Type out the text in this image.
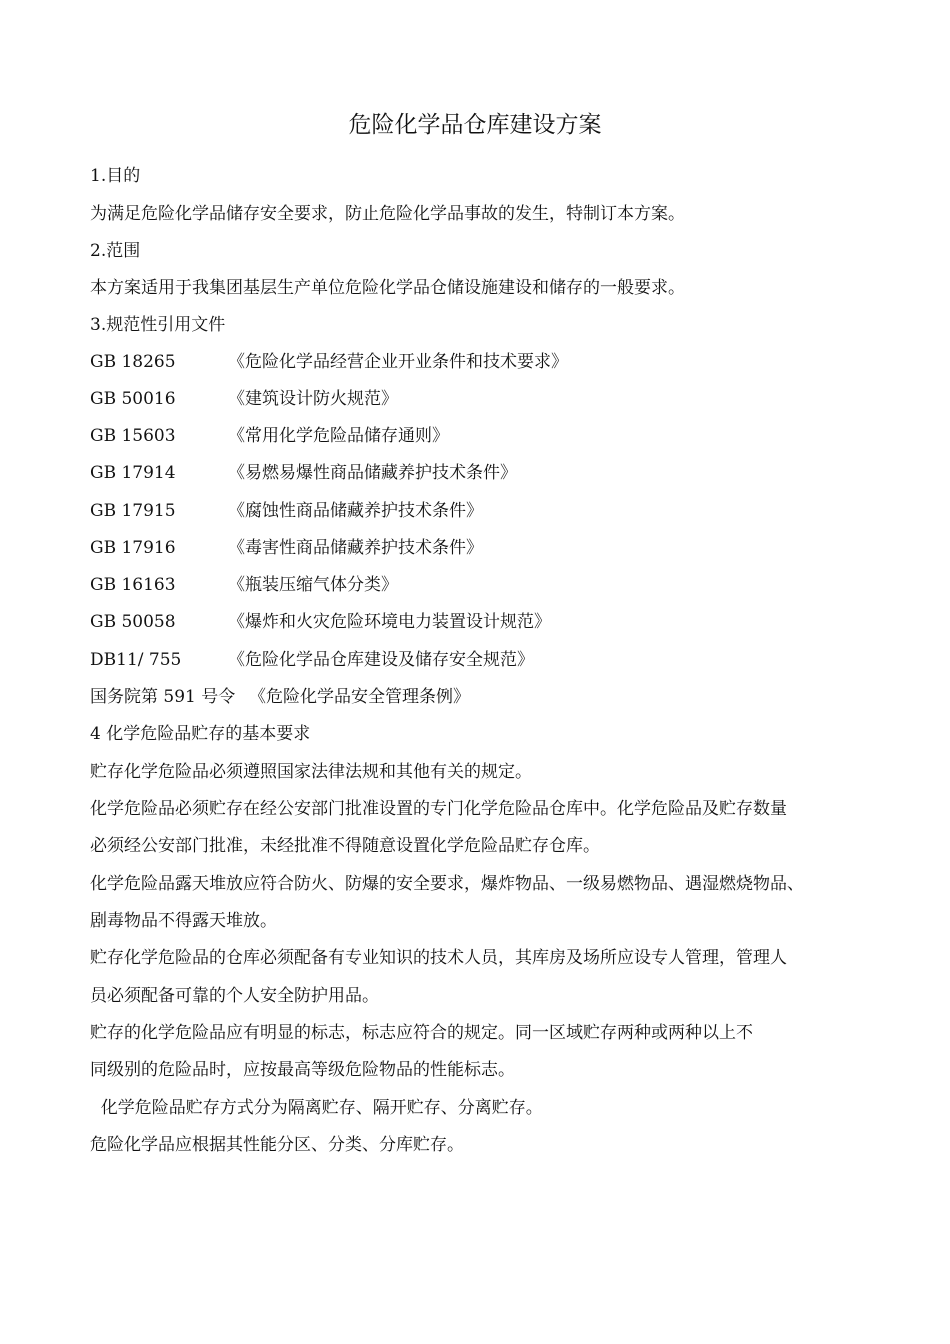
危险化学品仓库建设方案
1.目的
为满足危险化学品储存安全要求，防止危险化学品事故的发生，特制订本方案。
2.范围
本方案适用于我集团基层生产单位危险化学品仓储设施建设和储存的一般要求。
3.规范性引用文件
GB 18265	《危险化学品经营企业开业条件和技术要求》
GB 50016	《建筑设计防火规范》
GB 15603	《常用化学危险品储存通则》
GB 17914	《易燃易爆性商品储藏养护技术条件》
GB 17915	《腐蚀性商品储藏养护技术条件》
GB 17916	《毒害性商品储藏养护技术条件》
GB 16163	《瓶装压缩气体分类》
GB 50058	《爆炸和火灾危险环境电力装置设计规范》
DB11/ 755	《危险化学品仓库建设及储存安全规范》
国务院第 591 号令 《危险化学品安全管理条例》
4 化学危险品贮存的基本要求
贮存化学危险品必须遵照国家法律法规和其他有关的规定。
化学危险品必须贮存在经公安部门批准设置的专门化学危险品仓库中。化学危险品及贮存数量
必须经公安部门批准，未经批准不得随意设置化学危险品贮存仓库。
化学危险品露天堆放应符合防火、防爆的安全要求，爆炸物品、一级易燃物品、遇湿燃烧物品、
剧毒物品不得露天堆放。
贮存化学危险品的仓库必须配备有专业知识的技术人员，其库房及场所应设专人管理，管理人
员必须配备可靠的个人安全防护用品。
贮存的化学危险品应有明显的标志，标志应符合的规定。同一区域贮存两种或两种以上不
同级别的危险品时，应按最高等级危险物品的性能标志。
化学危险品贮存方式分为隔离贮存、隔开贮存、分离贮存。
危险化学品应根据其性能分区、分类、分库贮存。
